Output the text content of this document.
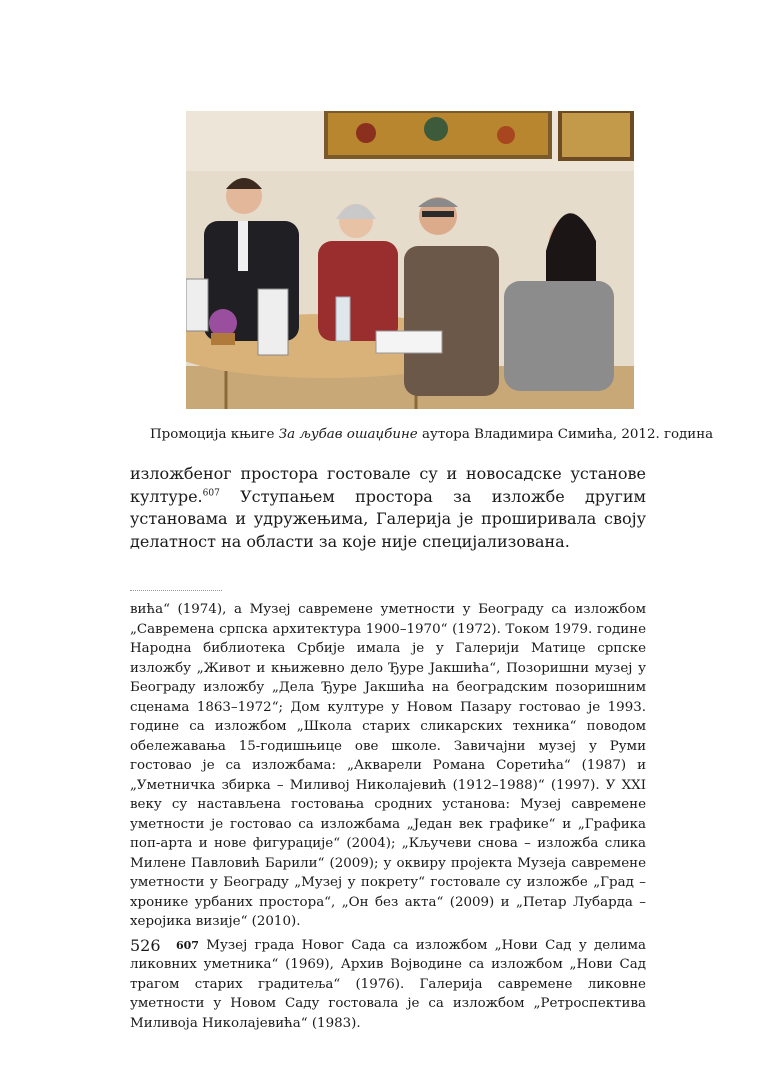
Промоција књиге За љубав ошаџбине аутора Владимира Симића, 2012. година

изложбеног простора гостовале су и новосадске установе културе.$^{607}$ Уступањем простора за изложбе другим установама и удружењима, Галерија је проширивала своју делатност на области за које није специјализована.

вића“ (1974), а Музеј савремене уметности у Београду са изложбом „Савремена српска архитектура 1900–1970“ (1972). Током 1979. године Народна библиотека Србије имала је у Галерији Матице српске изложбу „Живот и књижевно дело Ђуре Јакшића“, Позоришни музеј у Београду изложбу „Дела Ђуре Јакшића на београдским позоришним сценама 1863–1972“; Дом културе у Новом Пазару гостовао је 1993. године са изложбом „Школа старих сликарских техника“ поводом обележавања 15-годишњице ове школе. Завичајни музеј у Руми гостовао је са изложбама: „Акварели Романа Соретића“ (1987) и „Уметничка збирка – Миливој Николајевић (1912–1988)“ (1997). У XXI веку су настављена гостовања сродних установа: Музеј савремене уметности је гостовао са изложбама „Један век графике“ и „Графика поп-арта и нове фигурације“ (2004); „Кључеви снова – изложба слика Милене Павловић Барили“ (2009); у оквиру пројекта Музеја савремене уметности у Београду „Музеј у покрету“ гостовале су изложбе „Град – хронике урбаних простора“, „Он без акта“ (2009) и „Петар Лубарда – херојика визије“ (2010).

607 Музеј града Новог Сада са изложбом „Нови Сад у делима ликовних уметника“ (1969), Архив Војводине са изложбом „Нови Сад трагом старих градитеља“ (1976). Галерија савремене ликовне уметности у Новом Саду гостовала је са изложбом „Ретроспектива Миливоја Николајевића“ (1983).

526
